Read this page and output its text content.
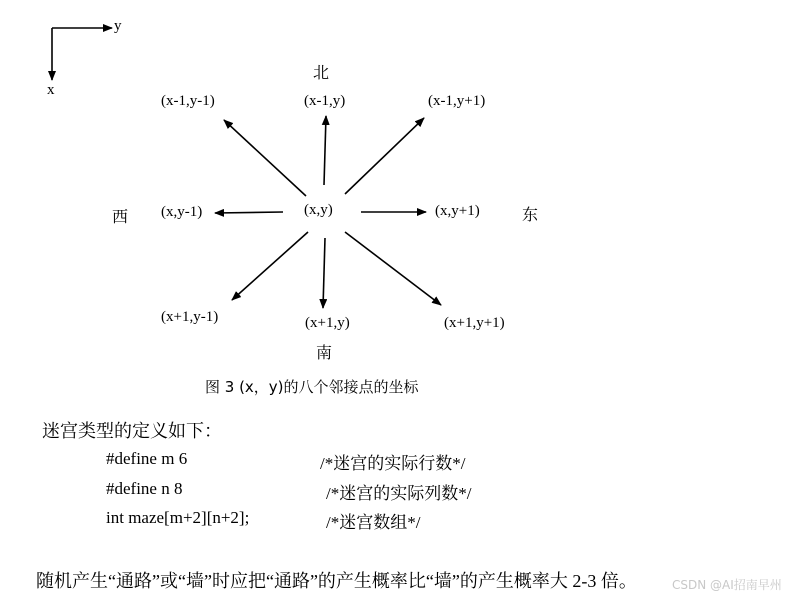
y
x
北
南
东
西	(x,y)
(x-1,y-1)	(x-1,y)	(x-1,y+1)
(x,y-1)	(x,y+1)
(x+1,y-1)	(x+1,y)	(x+1,y+1)
图 3 (x，y)的八个邻接点的坐标
迷宫类型的定义如下：
#define m 6	/*迷宫的实际行数*/
#define n 8	/*迷宫的实际列数*/
int maze[m+2][n+2];	/*迷宫数组*/
随机产生“通路”或“墙”时应把“通路”的产生概率比“墙”的产生概率大 2-3 倍。	CSDN @AI招南早州
